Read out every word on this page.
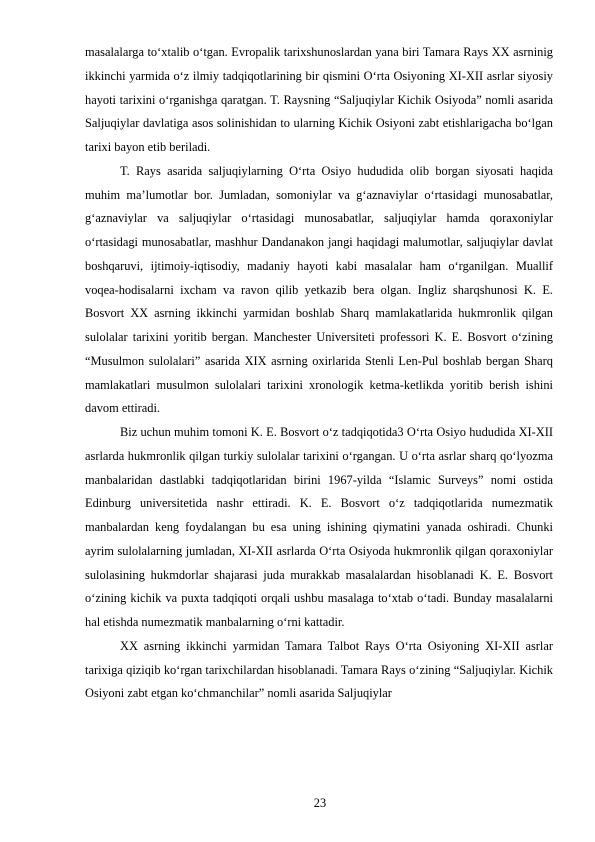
masalalarga to‘xtalib o‘tgan. Evropalik tarixshunoslardan yana biri Tamara Rays XX asrninig ikkinchi yarmida o‘z ilmiy tadqiqotlarining bir qismini O‘rta Osiyoning XI-XII asrlar siyosiy hayoti tarixini o‘rganishga qaratgan. T. Raysning “Saljuqiylar Kichik Osiyoda” nomli asarida Saljuqiylar davlatiga asos solinishidan to ularning Kichik Osiyoni zabt etishlarigacha bo‘lgan tarixi bayon etib beriladi.

T. Rays asarida saljuqiylarning O‘rta Osiyo hududida olib borgan siyosati haqida muhim ma’lumotlar bor. Jumladan, somoniylar va g‘aznaviylar o‘rtasidagi munosabatlar, g‘aznaviylar va saljuqiylar o‘rtasidagi munosabatlar, saljuqiylar hamda qoraxoniylar o‘rtasidagi munosabatlar, mashhur Dandanakon jangi haqidagi malumotlar, saljuqiylar davlat boshqaruvi, ijtimoiy-iqtisodiy, madaniy hayoti kabi masalalar ham o‘rganilgan. Muallif voqea-hodisalarni ixcham va ravon qilib yetkazib bera olgan. Ingliz sharqshunosi K. E. Bosvort XX asrning ikkinchi yarmidan boshlab Sharq mamlakatlarida hukmronlik qilgan sulolalar tarixini yoritib bergan. Manchester Universiteti professori K. E. Bosvort o‘zining “Musulmon sulolalari” asarida XIX asrning oxirlarida Stenli Len-Pul boshlab bergan Sharq mamlakatlari musulmon sulolalari tarixini xronologik ketma-ketlikda yoritib berish ishini davom ettiradi.

Biz uchun muhim tomoni K. E. Bosvort o‘z tadqiqotida3 O‘rta Osiyo hududida XI-XII asrlarda hukmronlik qilgan turkiy sulolalar tarixini o‘rgangan. U o‘rta asrlar sharq qo‘lyozma manbalaridan dastlabki tadqiqotlaridan birini 1967-yilda “Islamic Surveys” nomi ostida Edinburg universitetida nashr ettiradi. K. E. Bosvort o‘z tadqiqotlarida numezmatik manbalardan keng foydalangan bu esa uning ishining qiymatini yanada oshiradi. Chunki ayrim sulolalarning jumladan, XI-XII asrlarda O‘rta Osiyoda hukmronlik qilgan qoraxoniylar sulolasining hukmdorlar shajarasi juda murakkab masalalardan hisoblanadi K. E. Bosvort o‘zining kichik va puxta tadqiqoti orqali ushbu masalaga to‘xtab o‘tadi. Bunday masalalarni hal etishda numezmatik manbalarning o‘rni kattadir.

XX asrning ikkinchi yarmidan Tamara Talbot Rays O‘rta Osiyoning XI-XII asrlar tarixiga qiziqib ko‘rgan tarixchilardan hisoblanadi. Tamara Rays o‘zining “Saljuqiylar. Kichik Osiyoni zabt etgan ko‘chmanchilar” nomli asarida Saljuqiylar

23
